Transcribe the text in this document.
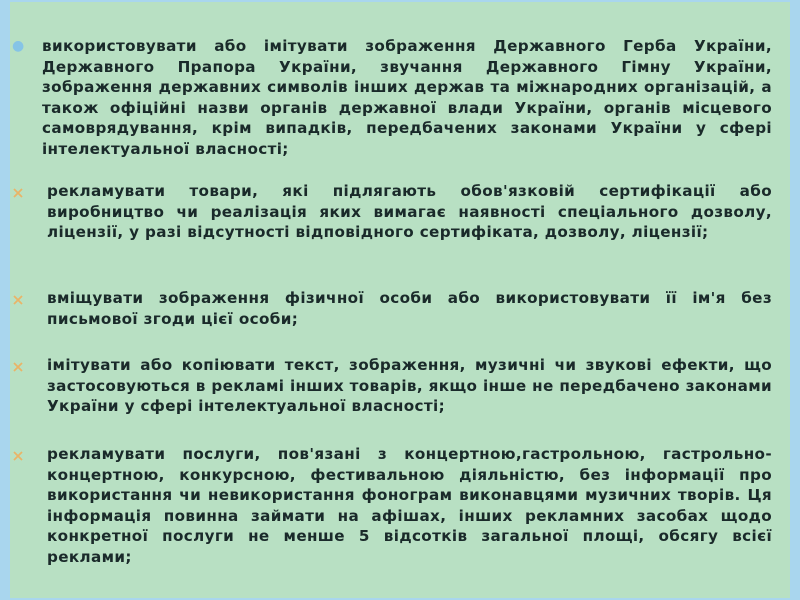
● використовувати або імітувати зображення Державного Герба України, Державного Прапора України, звучання Державного Гімну України, зображення державних символів інших держав та міжнародних організацій, а також офіційні назви органів державної влади України, органів місцевого самоврядування, крім випадків, передбачених законами України у сфері інтелектуальної власності;
рекламувати товари, які підлягають обов'язковій сертифікації або виробництво чи реалізація яких вимагає наявності спеціального дозволу, ліцензії, у разі відсутності відповідного сертифіката, дозволу, ліцензії;
вміщувати зображення фізичної особи або використовувати її ім'я без письмової згоди цієї особи;
імітувати або копіювати текст, зображення, музичні чи звукові ефекти, що застосовуються в рекламі інших товарів, якщо інше не передбачено законами України у сфері інтелектуальної власності;
рекламувати послуги, пов'язані з концертною,гастрольною, гастрольно-концертною, конкурсною, фестивальною діяльністю, без інформації про використання чи невикористання фонограм виконавцями музичних творів. Ця інформація повинна займати на афішах, інших рекламних засобах щодо конкретної послуги не менше 5 відсотків загальної площі, обсягу всієї реклами;
